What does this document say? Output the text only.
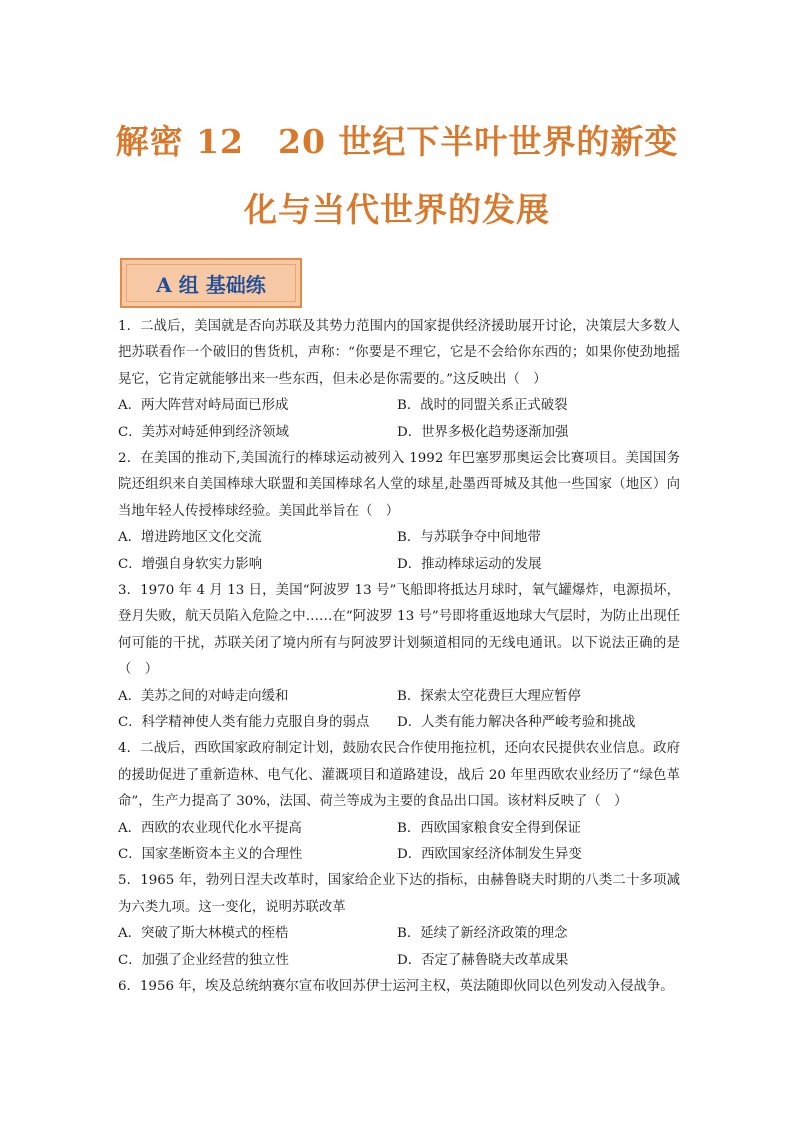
解密 12　20 世纪下半叶世界的新变
化与当代世界的发展
A 组 基础练
1．二战后，美国就是否向苏联及其势力范围内的国家提供经济援助展开讨论，决策层大多数人把苏联看作一个破旧的售货机，声称：“你要是不理它，它是不会给你东西的；如果你使劲地摇晃它，它肯定就能够出来一些东西，但未必是你需要的。”这反映出（　）
A．两大阵营对峙局面已形成	B．战时的同盟关系正式破裂
C．美苏对峙延伸到经济领域	D．世界多极化趋势逐渐加强
2．在美国的推动下,美国流行的棒球运动被列入 1992 年巴塞罗那奥运会比赛项目。美国国务院还组织来自美国棒球大联盟和美国棒球名人堂的球星,赴墨西哥城及其他一些国家（地区）向当地年轻人传授棒球经验。美国此举旨在（　）
A．增进跨地区文化交流	B．与苏联争夺中间地带
C．增强自身软实力影响	D．推动棒球运动的发展
3．1970 年 4 月 13 日，美国“阿波罗 13 号”飞船即将抵达月球时，氧气罐爆炸，电源损坏，登月失败，航天员陷入危险之中……在“阿波罗 13 号”号即将重返地球大气层时，为防止出现任何可能的干扰，苏联关闭了境内所有与阿波罗计划频道相同的无线电通讯。以下说法正确的是（　）
A．美苏之间的对峙走向缓和	B．探索太空花费巨大理应暂停
C．科学精神使人类有能力克服自身的弱点	D．人类有能力解决各种严峻考验和挑战
4．二战后，西欧国家政府制定计划，鼓励农民合作使用拖拉机，还向农民提供农业信息。政府的援助促进了重新造林、电气化、灌溉项目和道路建设，战后 20 年里西欧农业经历了“绿色革命”，生产力提高了 30%，法国、荷兰等成为主要的食品出口国。该材料反映了（　）
A．西欧的农业现代化水平提高	B．西欧国家粮食安全得到保证
C．国家垄断资本主义的合理性	D．西欧国家经济体制发生异变
5．1965 年，勃列日涅夫改革时，国家给企业下达的指标，由赫鲁晓夫时期的八类二十多项减为六类九项。这一变化，说明苏联改革
A．突破了斯大林模式的桎梏	B．延续了新经济政策的理念
C．加强了企业经营的独立性	D．否定了赫鲁晓夫改革成果
6．1956 年，埃及总统纳赛尔宣布收回苏伊士运河主权，英法随即伙同以色列发动入侵战争。
